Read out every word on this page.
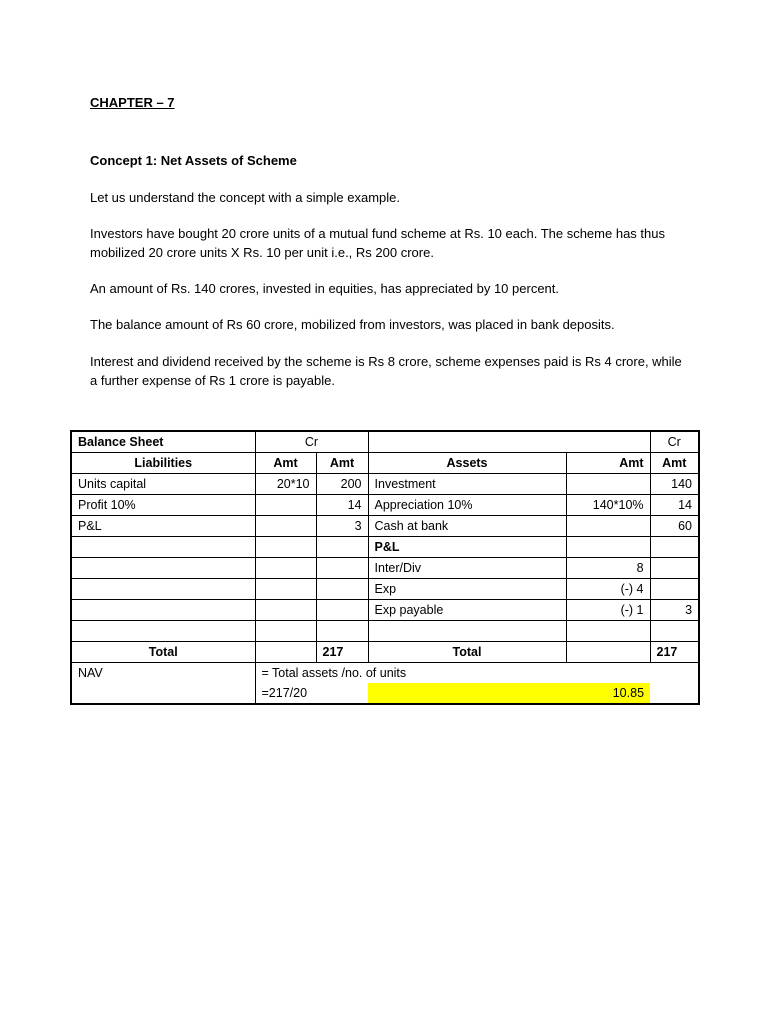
CHAPTER – 7
Concept 1: Net Assets of Scheme
Let us understand the concept with a simple example.
Investors have bought 20 crore units of a mutual fund scheme at Rs. 10 each. The scheme has thus mobilized 20 crore units X Rs. 10 per unit i.e., Rs 200 crore.
An amount of Rs. 140 crores, invested in equities, has appreciated by 10 percent.
The balance amount of Rs 60 crore, mobilized from investors, was placed in bank deposits.
Interest and dividend received by the scheme is Rs 8 crore, scheme expenses paid is Rs 4 crore, while a further expense of Rs 1 crore is payable.
Balance Sheet	Cr				Cr
Liabilities	Amt	Amt	Assets	Amt	Amt
Units capital	20*10	200	Investment		140
Profit 10%		14	Appreciation 10%	140*10%	14
P&L		3	Cash at bank		60
			P&L		
			Inter/Div	8	
			Exp	(-) 4	
			Exp payable	(-) 1	3

Total		217	Total		217
NAV	= Total assets /no. of units				
	=217/20		10.85		
